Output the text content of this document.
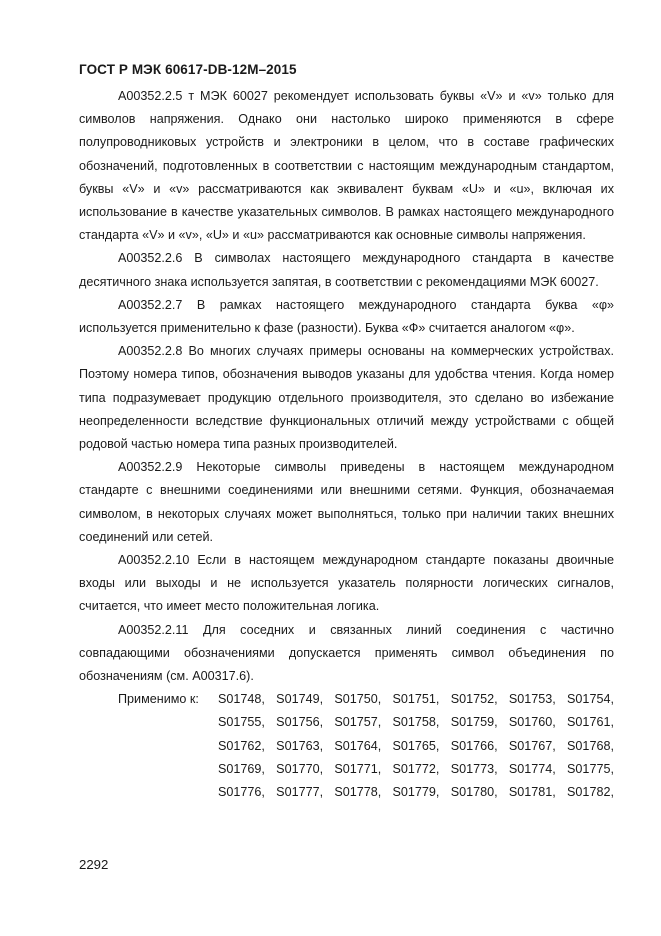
ГОСТ Р МЭК 60617-DB-12M–2015

A00352.2.5 т МЭК 60027 рекомендует использовать буквы «V» и «v» только для символов напряжения. Однако они настолько широко применяются в сфере полупроводниковых устройств и электроники в целом, что в составе графических обозначений, подготовленных в соответствии с настоящим международным стандартом, буквы «V» и «v» рассматриваются как эквивалент буквам «U» и «u», включая их использование в качестве указательных символов. В рамках настоящего международного стандарта «V» и «v», «U» и «u» рассматриваются как основные символы напряжения.

A00352.2.6 В символах настоящего международного стандарта в качестве десятичного знака используется запятая, в соответствии с рекомендациями МЭК 60027.

A00352.2.7 В рамках настоящего международного стандарта буква «φ» используется применительно к фазе (разности). Буква «Ф» считается аналогом «φ».

A00352.2.8 Во многих случаях примеры основаны на коммерческих устройствах. Поэтому номера типов, обозначения выводов указаны для удобства чтения. Когда номер типа подразумевает продукцию отдельного производителя, это сделано во избежание неопределенности вследствие функциональных отличий между устройствами с общей родовой частью номера типа разных производителей.

A00352.2.9 Некоторые символы приведены в настоящем международном стандарте с внешними соединениями или внешними сетями. Функция, обозначаемая символом, в некоторых случаях может выполняться, только при наличии таких внешних соединений или сетей.

A00352.2.10 Если в настоящем международном стандарте показаны двоичные входы или выходы и не используется указатель полярности логических сигналов, считается, что имеет место положительная логика.

A00352.2.11 Для соседних и связанных линий соединения с частично совпадающими обозначениями допускается применять символ объединения по обозначениям (см. A00317.6).

Применимо к: S01748, S01749, S01750, S01751, S01752, S01753, S01754,
S01755, S01756, S01757, S01758, S01759, S01760, S01761,
S01762, S01763, S01764, S01765, S01766, S01767, S01768,
S01769, S01770, S01771, S01772, S01773, S01774, S01775,
S01776, S01777, S01778, S01779, S01780, S01781, S01782,
2292
